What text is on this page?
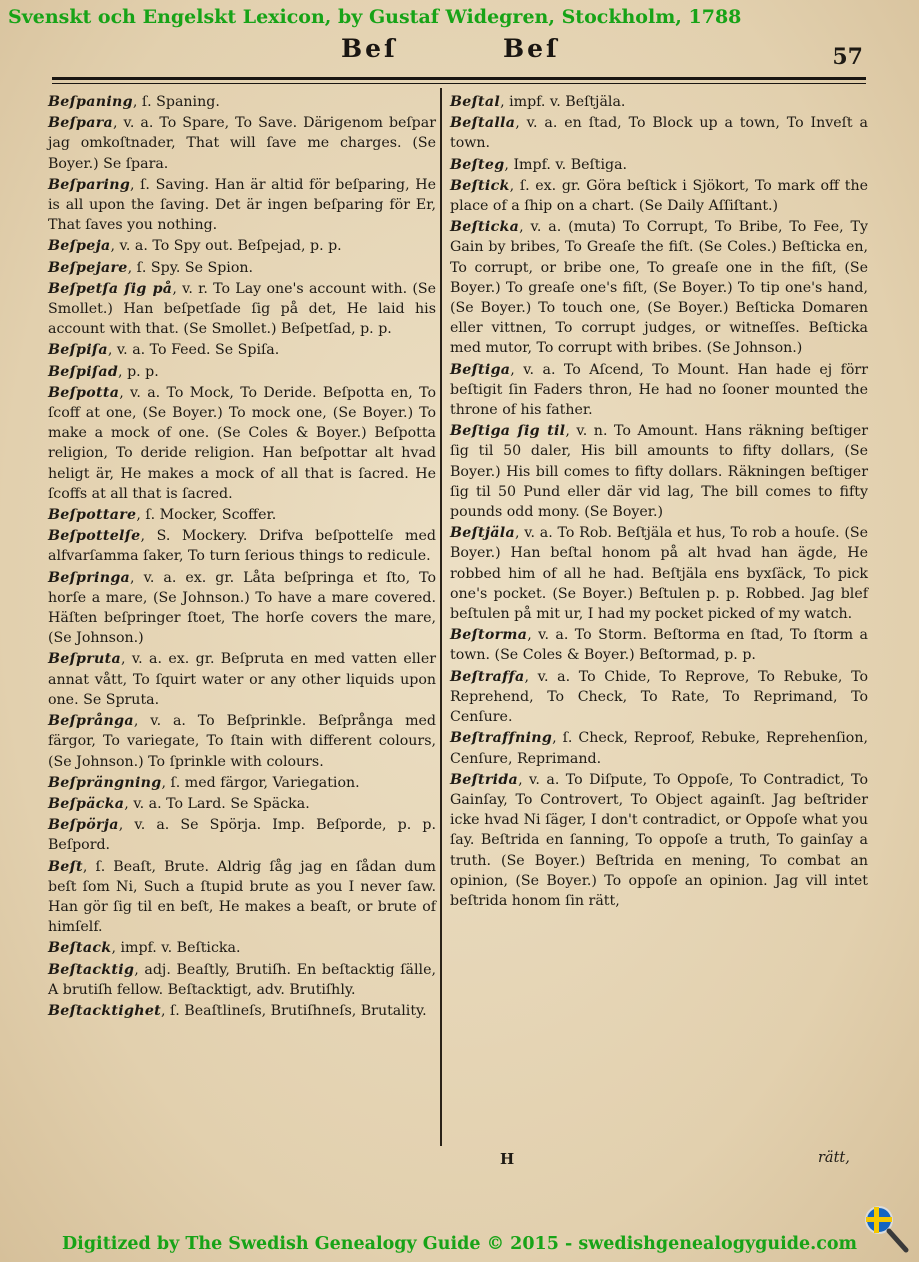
Svenskt och Engelskt Lexicon, by Gustaf Widegren, Stockholm, 1788
Beſ	Beſ	57
Beſpaning, ſ. Spaning.
Beſpara, v. a. To Spare, To Save. Därigenom beſpar jag omkoſtnader, That will ſave me charges. (Se Boyer.) Se ſpara.
Beſparing, ſ. Saving. Han är altid för beſparing, He is all upon the ſaving. Det är ingen beſparing för Er, That ſaves you nothing.
Beſpeja, v. a. To Spy out. Beſpejad, p. p.
Beſpejare, ſ. Spy. Se Spion.
Beſpetſa ſig på, v. r. To Lay one's account with. (Se Smollet.) Han beſpetſade ſig på det, He laid his account with that. (Se Smollet.) Beſpetſad, p. p.
Beſpiſa, v. a. To Feed. Se Spiſa.
Beſpiſad, p. p.
Beſpotta, v. a. To Mock, To Deride. Beſpotta en, To ſcoff at one, (Se Boyer.) To mock one, (Se Boyer.) To make a mock of one. (Se Coles & Boyer.) Beſpotta religion, To deride religion. Han beſpottar alt hvad heligt är, He makes a mock of all that is ſacred. He ſcoffs at all that is ſacred.
Beſpottare, ſ. Mocker, Scoffer.
Beſpottelſe, S. Mockery. Drifva beſpottelſe med alfvarſamma ſaker, To turn ſerious things to redicule.
Beſpringa, v. a. ex. gr. Låta beſpringa et ſto, To horſe a mare, (Se Johnson.) To have a mare covered. Häſten beſpringer ſtoet, The horſe covers the mare, (Se Johnson.)
Beſpruta, v. a. ex. gr. Beſpruta en med vatten eller annat vått, To ſquirt water or any other liquids upon one. Se Spruta.
Beſprånga, v. a. To Beſprinkle. Beſprånga med färgor, To variegate, To ſtain with different colours, (Se Johnson.) To ſprinkle with colours.
Beſprängning, ſ. med färgor, Variegation.
Beſpäcka, v. a. To Lard. Se Späcka.
Beſpörja, v. a. Se Spörja. Imp. Beſporde, p. p. Beſpord.
Beſt, ſ. Beaſt, Brute. Aldrig ſåg jag en ſådan dum beſt ſom Ni, Such a ſtupid brute as you I never ſaw. Han gör ſig til en beſt, He makes a beaſt, or brute of himſelf.
Beſtack, impf. v. Beſticka.
Beſtacktig, adj. Beaſtly, Brutiſh. En beſtacktig ſälle, A brutiſh fellow. Beſtacktigt, adv. Brutiſhly.
Beſtacktighet, ſ. Beaſtlineſs, Brutiſhneſs, Brutality.
Beſtal, impf. v. Beſtjäla.
Beſtalla, v. a. en ſtad, To Block up a town, To Inveſt a town.
Beſteg, Impf. v. Beſtiga.
Beſtick, ſ. ex. gr. Göra beſtick i Sjökort, To mark off the place of a ſhip on a chart. (Se Daily Aſſiſtant.)
Beſticka, v. a. (muta) To Corrupt, To Bribe, To Fee, Ty Gain by bribes, To Greaſe the fiſt. (Se Coles.) Beſticka en, To corrupt, or bribe one, To greaſe one in the fiſt, (Se Boyer.) To greaſe one's fiſt, (Se Boyer.) To tip one's hand, (Se Boyer.) To touch one, (Se Boyer.) Beſticka Domaren eller vittnen, To corrupt judges, or witneſſes. Beſticka med mutor, To corrupt with bribes. (Se Johnson.)
Beſtiga, v. a. To Aſcend, To Mount. Han hade ej förr beſtigit ſin Faders thron, He had no ſooner mounted the throne of his father.
Beſtiga ſig til, v. n. To Amount. Hans räkning beſtiger ſig til 50 daler, His bill amounts to fifty dollars, (Se Boyer.) His bill comes to fifty dollars. Räkningen beſtiger ſig til 50 Pund eller där vid lag, The bill comes to fifty pounds odd mony. (Se Boyer.)
Beſtjäla, v. a. To Rob. Beſtjäla et hus, To rob a houſe. (Se Boyer.) Han beſtal honom på alt hvad han ägde, He robbed him of all he had. Beſtjäla ens byxſäck, To pick one's pocket. (Se Boyer.) Beſtulen p. p. Robbed. Jag blef beſtulen på mit ur, I had my pocket picked of my watch.
Beſtorma, v. a. To Storm. Beſtorma en ſtad, To ſtorm a town. (Se Coles & Boyer.) Beſtormad, p. p.
Beſtraffa, v. a. To Chide, To Reprove, To Rebuke, To Reprehend, To Check, To Rate, To Reprimand, To Cenſure.
Beſtraffning, ſ. Check, Reproof, Rebuke, Reprehenſion, Cenſure, Reprimand.
Beſtrida, v. a. To Diſpute, To Oppoſe, To Contradict, To Gainſay, To Controvert, To Object againſt. Jag beſtrider icke hvad Ni ſäger, I don't contradict, or Oppoſe what you ſay. Beſtrida en ſanning, To oppoſe a truth, To gainſay a truth. (Se Boyer.) Beſtrida en mening, To combat an opinion, (Se Boyer.) To oppoſe an opinion. Jag vill intet beſtrida honom ſin rätt,
H	rätt,
Digitized by The Swedish Genealogy Guide © 2015 - swedishgenealogyguide.com
